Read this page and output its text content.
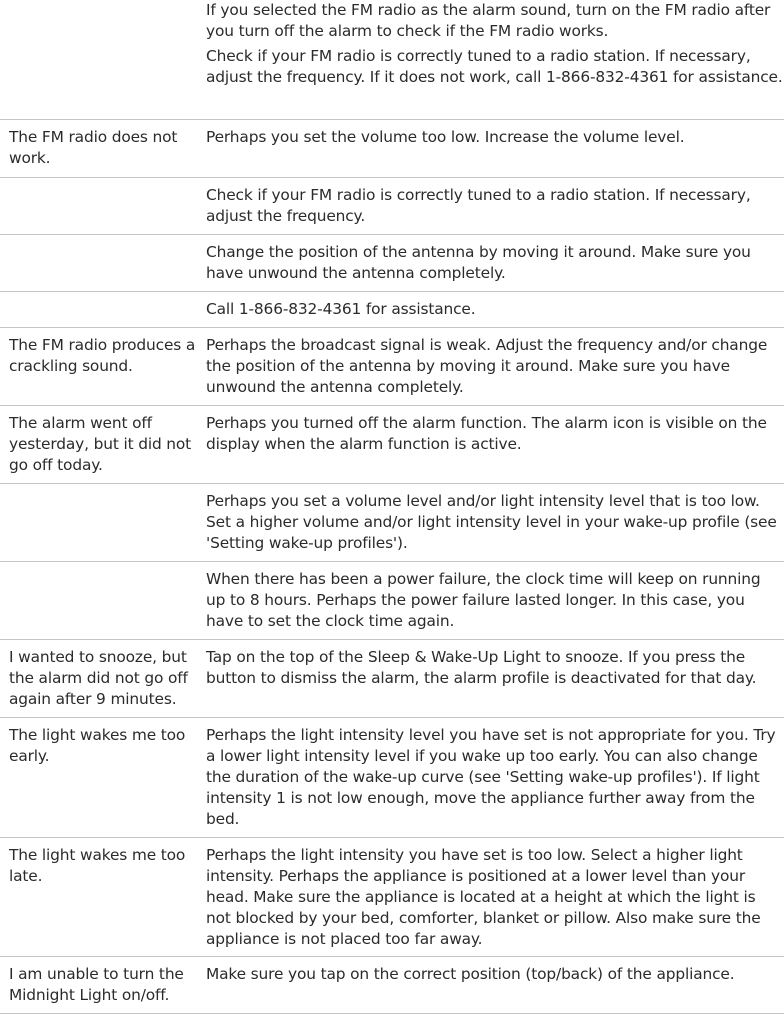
If you selected the FM radio as the alarm sound, turn on the FM radio after you turn off the alarm to check if the FM radio works.

Check if your FM radio is correctly tuned to a radio station. If necessary, adjust the frequency. If it does not work, call 1-866-832-4361 for assistance.

The FM radio does not work.

Perhaps you set the volume too low. Increase the volume level.

Check if your FM radio is correctly tuned to a radio station. If necessary, adjust the frequency.

Change the position of the antenna by moving it around. Make sure you have unwound the antenna completely.

Call 1-866-832-4361 for assistance.

The FM radio produces a crackling sound.

Perhaps the broadcast signal is weak. Adjust the frequency and/or change the position of the antenna by moving it around. Make sure you have unwound the antenna completely.

The alarm went off yesterday, but it did not go off today.

Perhaps you turned off the alarm function. The alarm icon is visible on the display when the alarm function is active.

Perhaps you set a volume level and/or light intensity level that is too low. Set a higher volume and/or light intensity level in your wake-up profile (see 'Setting wake-up profiles').

When there has been a power failure, the clock time will keep on running up to 8 hours. Perhaps the power failure lasted longer. In this case, you have to set the clock time again.

I wanted to snooze, but the alarm did not go off again after 9 minutes.

Tap on the top of the Sleep & Wake-Up Light to snooze. If you press the button to dismiss the alarm, the alarm profile is deactivated for that day.

The light wakes me too early.

Perhaps the light intensity level you have set is not appropriate for you. Try a lower light intensity level if you wake up too early. You can also change the duration of the wake-up curve (see 'Setting wake-up profiles'). If light intensity 1 is not low enough, move the appliance further away from the bed.

The light wakes me too late.

Perhaps the light intensity you have set is too low. Select a higher light intensity. Perhaps the appliance is positioned at a lower level than your head. Make sure the appliance is located at a height at which the light is not blocked by your bed, comforter, blanket or pillow. Also make sure the appliance is not placed too far away.

I am unable to turn the Midnight Light on/off.

Make sure you tap on the correct position (top/back) of the appliance.
